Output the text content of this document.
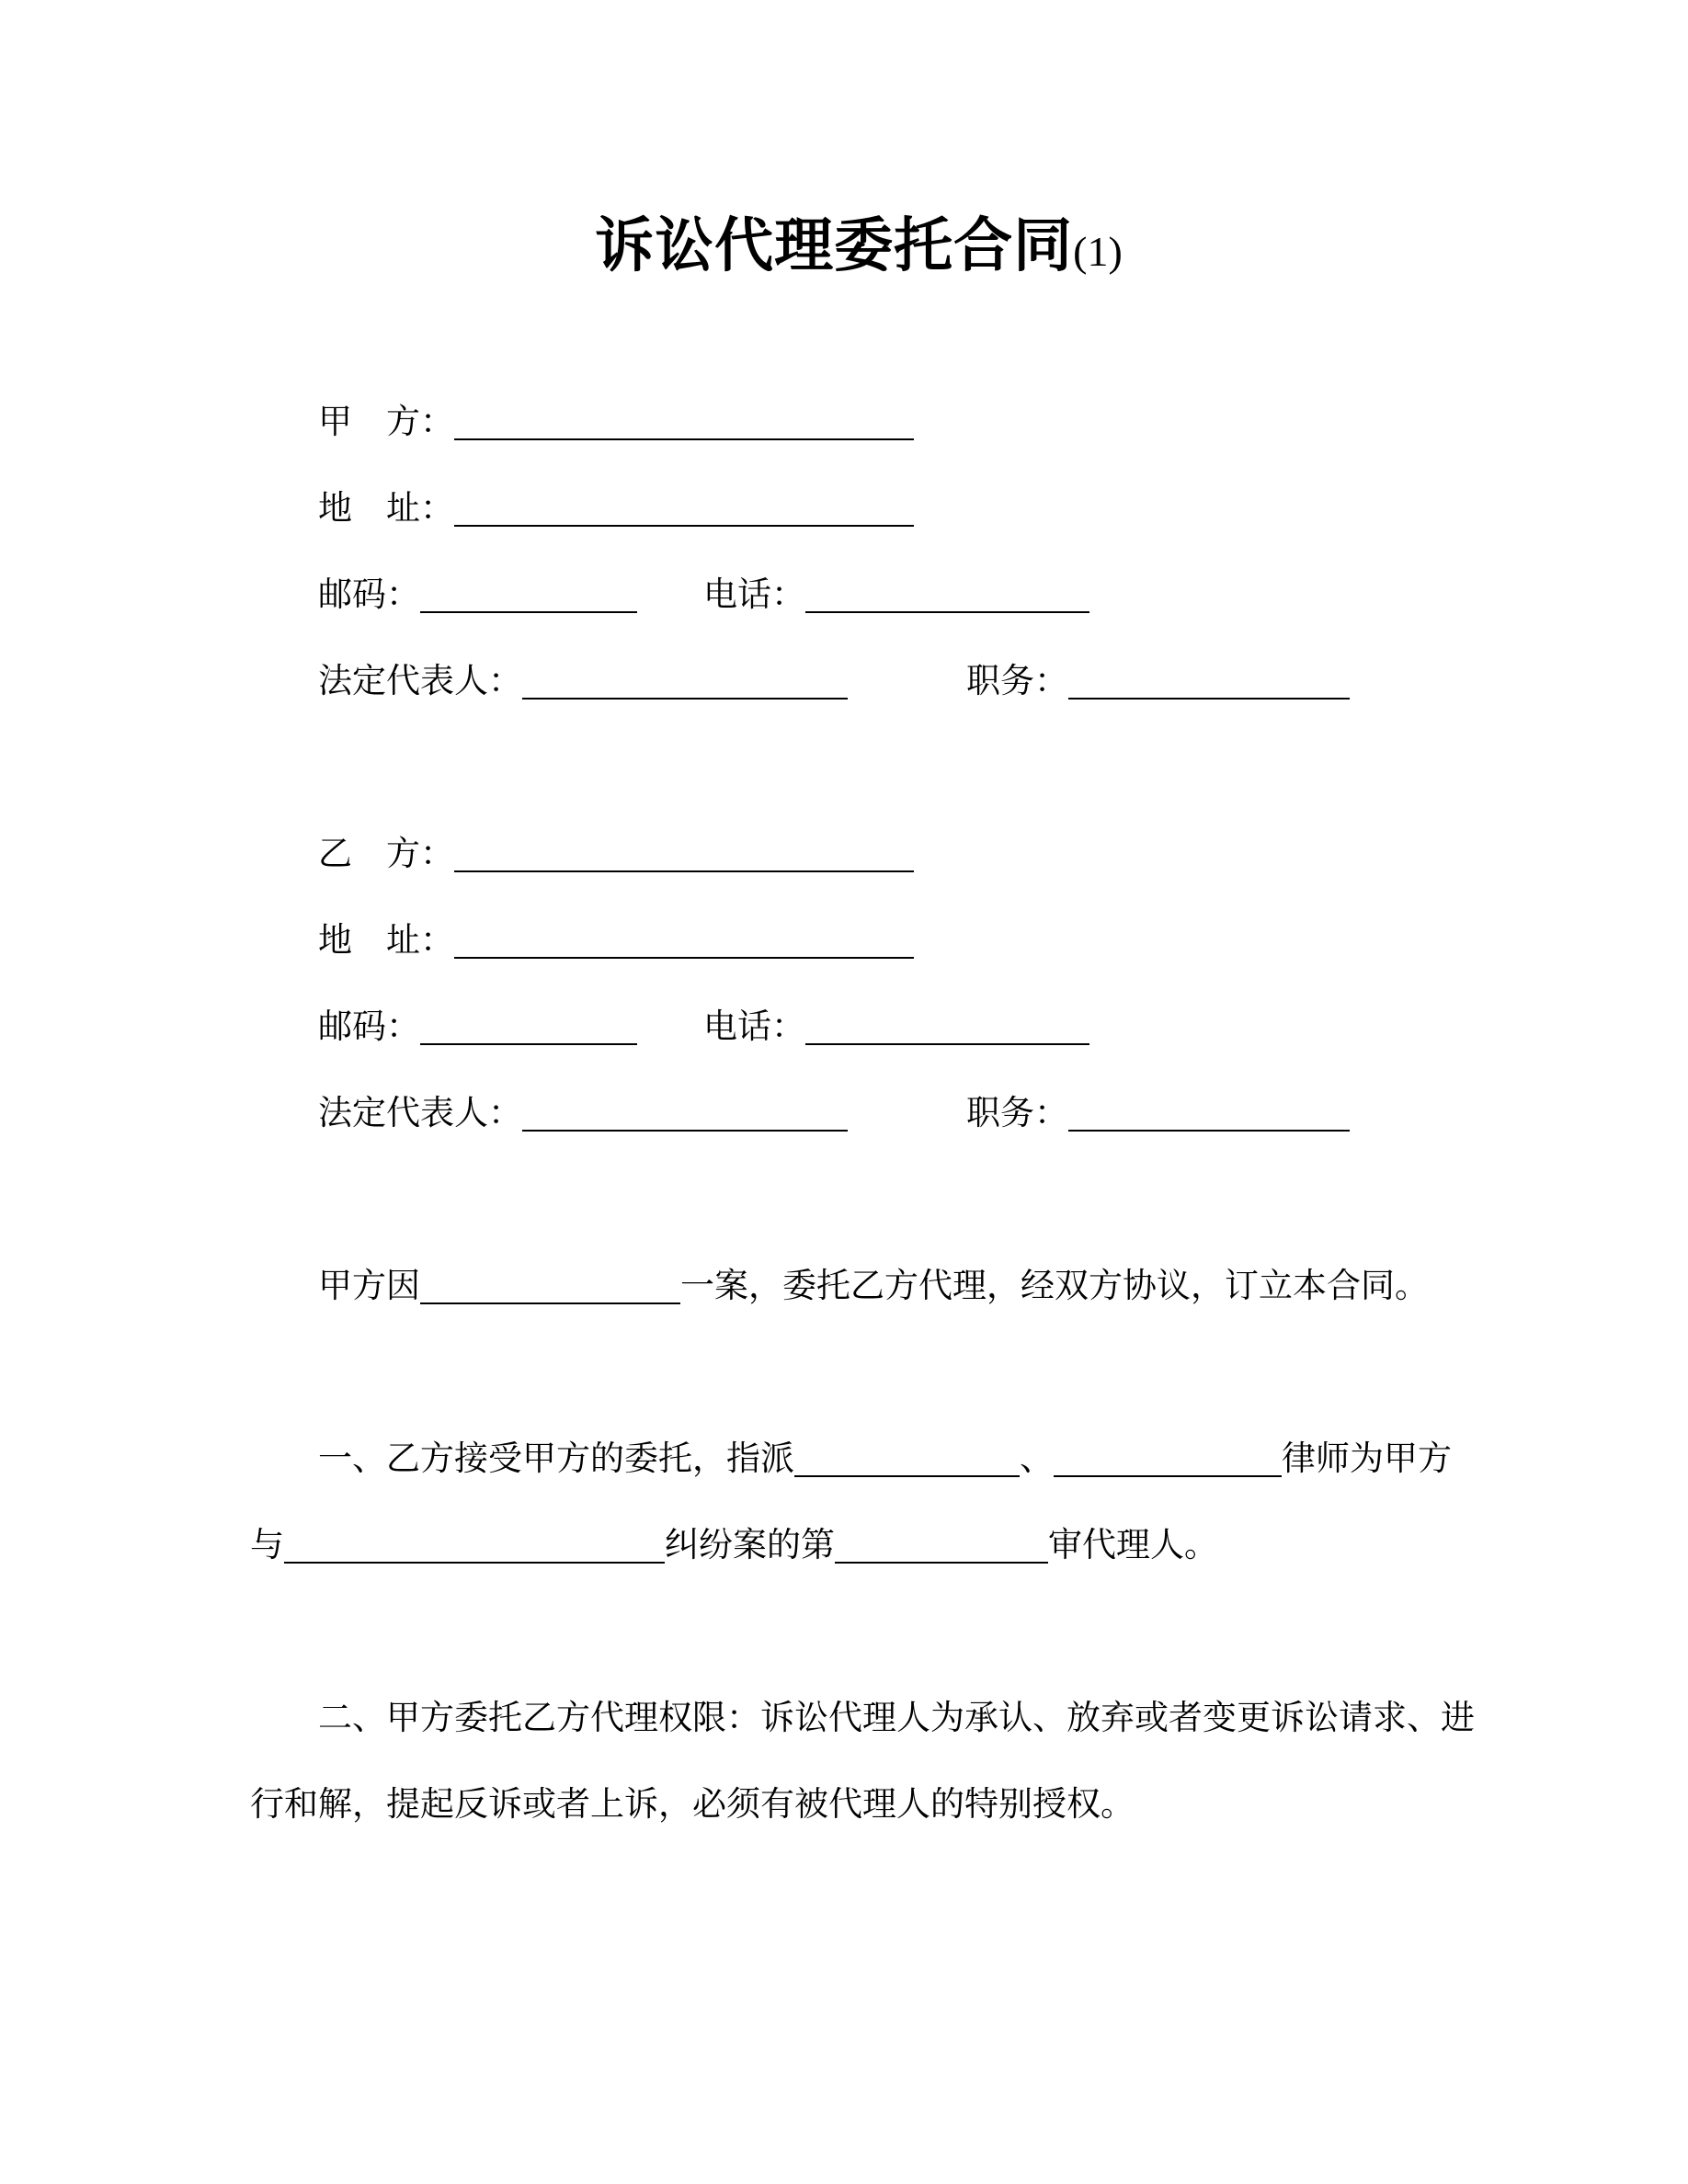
诉讼代理委托合同(1)
甲　方：
地　址：
邮码：	电话：
法定代表人：	职务：
乙　方：
地　址：
邮码：	电话：
法定代表人：	职务：
甲方因	一案，委托乙方代理，经双方协议，订立本合同。
一、乙方接受甲方的委托，指派	、	律师为甲方
与	纠纷案的第	审代理人。
二、甲方委托乙方代理权限：诉讼代理人为承认、放弃或者变更诉讼请求、进
行和解，提起反诉或者上诉，必须有被代理人的特别授权。
